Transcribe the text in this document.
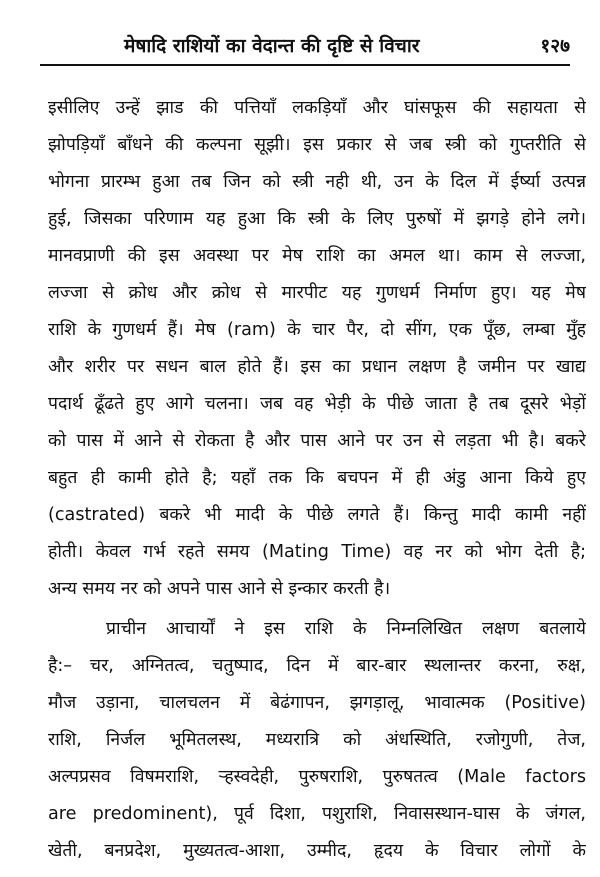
मेषादि राशियों का वेदान्त की दृष्टि से विचार	१२७
इसीलिए उन्हें झाड की पत्तियाँ लकड़ियाँ और घांसफूस की सहायता से
झोपड़ियाँ बाँधने की कल्पना सूझी। इस प्रकार से जब स्त्री को गुप्तरीति से
भोगना प्रारम्भ हुआ तब जिन को स्त्री नही थी, उन के दिल में ईर्ष्या उत्पन्न
हुई, जिसका परिणाम यह हुआ कि स्त्री के लिए पुरुषों में झगड़े होने लगे।
मानवप्राणी की इस अवस्था पर मेष राशि का अमल था। काम से लज्जा,
लज्जा से क्रोध और क्रोध से मारपीट यह गुणधर्म निर्माण हुए। यह मेष
राशि के गुणधर्म हैं। मेष (ram) के चार पैर, दो सींग, एक पूँछ, लम्बा मुँह
और शरीर पर सधन बाल होते हैं। इस का प्रधान लक्षण है जमीन पर खाद्य
पदार्थ ढूँढते हुए आगे चलना। जब वह भेड़ी के पीछे जाता है तब दूसरे भेड़ों
को पास में आने से रोकता है और पास आने पर उन से लड़ता भी है। बकरे
बहुत ही कामी होते है; यहाँ तक कि बचपन में ही अंडु आना किये हुए
(castrated) बकरे भी मादी के पीछे लगते हैं। किन्तु मादी कामी नहीं
होती। केवल गर्भ रहते समय (Mating Time) वह नर को भोग देती है;
अन्य समय नर को अपने पास आने से इन्कार करती है।
प्राचीन आचार्यों ने इस राशि के निम्नलिखित लक्षण बतलाये
है:– चर, अग्नितत्व, चतुष्पाद, दिन में बार-बार स्थलान्तर करना, रुक्ष,
मौज उड़ाना, चालचलन में बेढंगापन, झगड़ालू, भावात्मक (Positive)
राशि, निर्जल भूमितलस्थ, मध्यरात्रि को अंधस्थिति, रजोगुणी, तेज,
अल्पप्रसव विषमराशि, ऱ्हस्वदेही, पुरुषराशि, पुरुषतत्व (Male factors
are predominent), पूर्व दिशा, पशुराशि, निवासस्थान-घास के जंगल,
खेती, बनप्रदेश, मुख्यतत्व-आशा, उम्मीद, हृदय के विचार लोगों के
